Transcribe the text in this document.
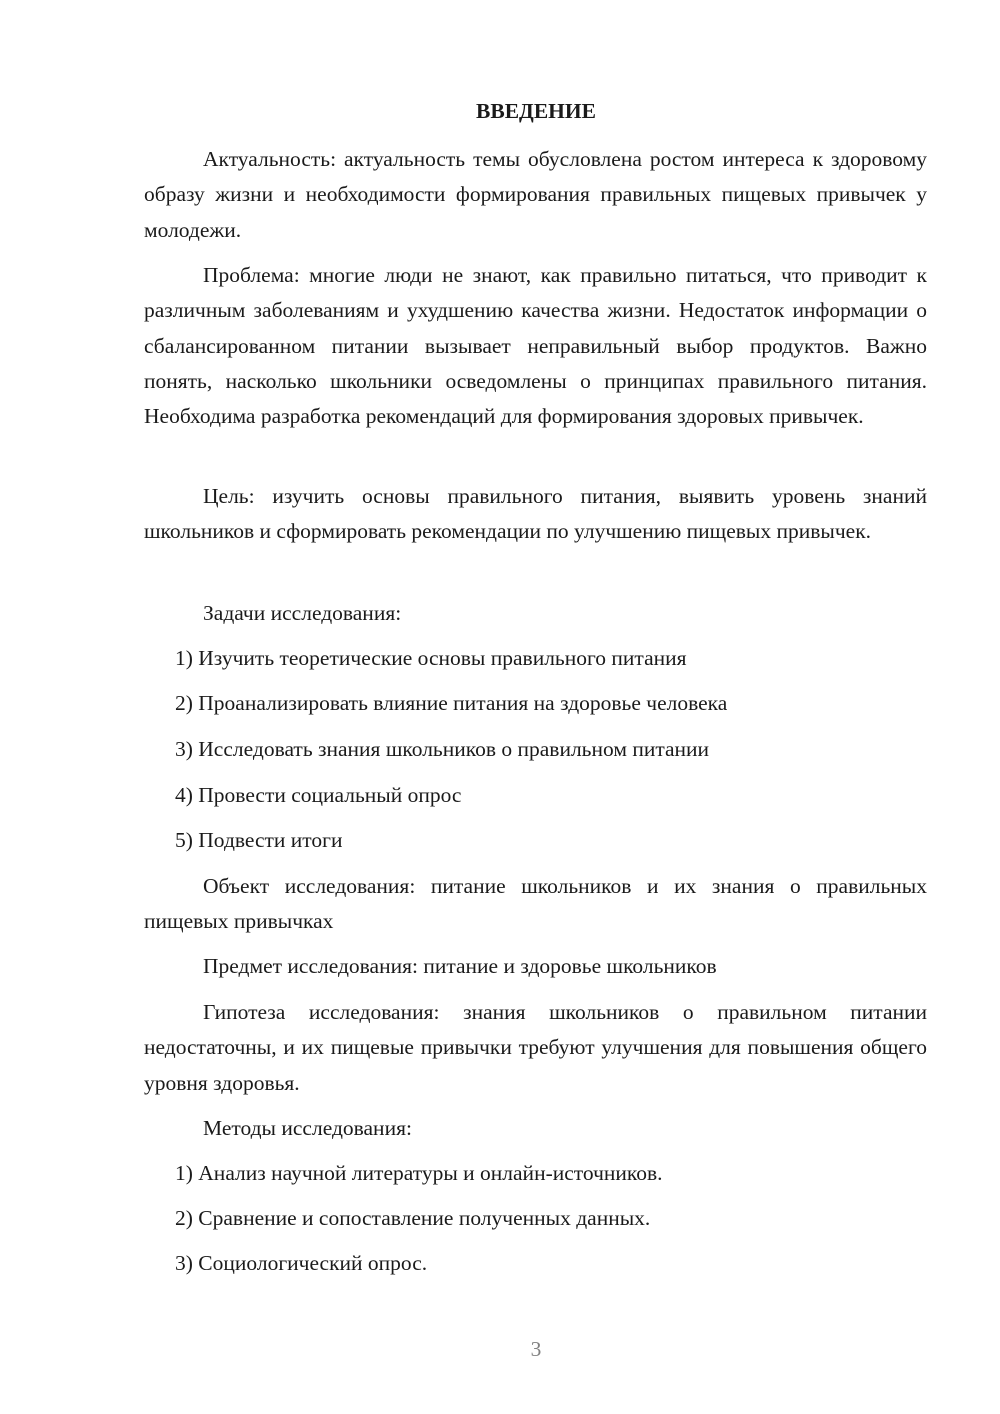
ВВЕДЕНИЕ

Актуальность: актуальность темы обусловлена ростом интереса к здоровому образу жизни и необходимости формирования правильных пищевых привычек у молодежи.

Проблема: многие люди не знают, как правильно питаться, что приводит к различным заболеваниям и ухудшению качества жизни. Недостаток информации о сбалансированном питании вызывает неправильный выбор продуктов. Важно понять, насколько школьники осведомлены о принципах правильного питания. Необходима разработка рекомендаций для формирования здоровых привычек.

Цель: изучить основы правильного питания, выявить уровень знаний школьников и сформировать рекомендации по улучшению пищевых привычек.

Задачи исследования:
1) Изучить теоретические основы правильного питания
2) Проанализировать влияние питания на здоровье человека
3) Исследовать знания школьников о правильном питании
4) Провести социальный опрос
5) Подвести итоги

Объект исследования: питание школьников и их знания о правильных пищевых привычках

Предмет исследования: питание и здоровье школьников

Гипотеза исследования: знания школьников о правильном питании недостаточны, и их пищевые привычки требуют улучшения для повышения общего уровня здоровья.

Методы исследования:
1) Анализ научной литературы и онлайн-источников.
2) Сравнение и сопоставление полученных данных.
3) Социологический опрос.
3
